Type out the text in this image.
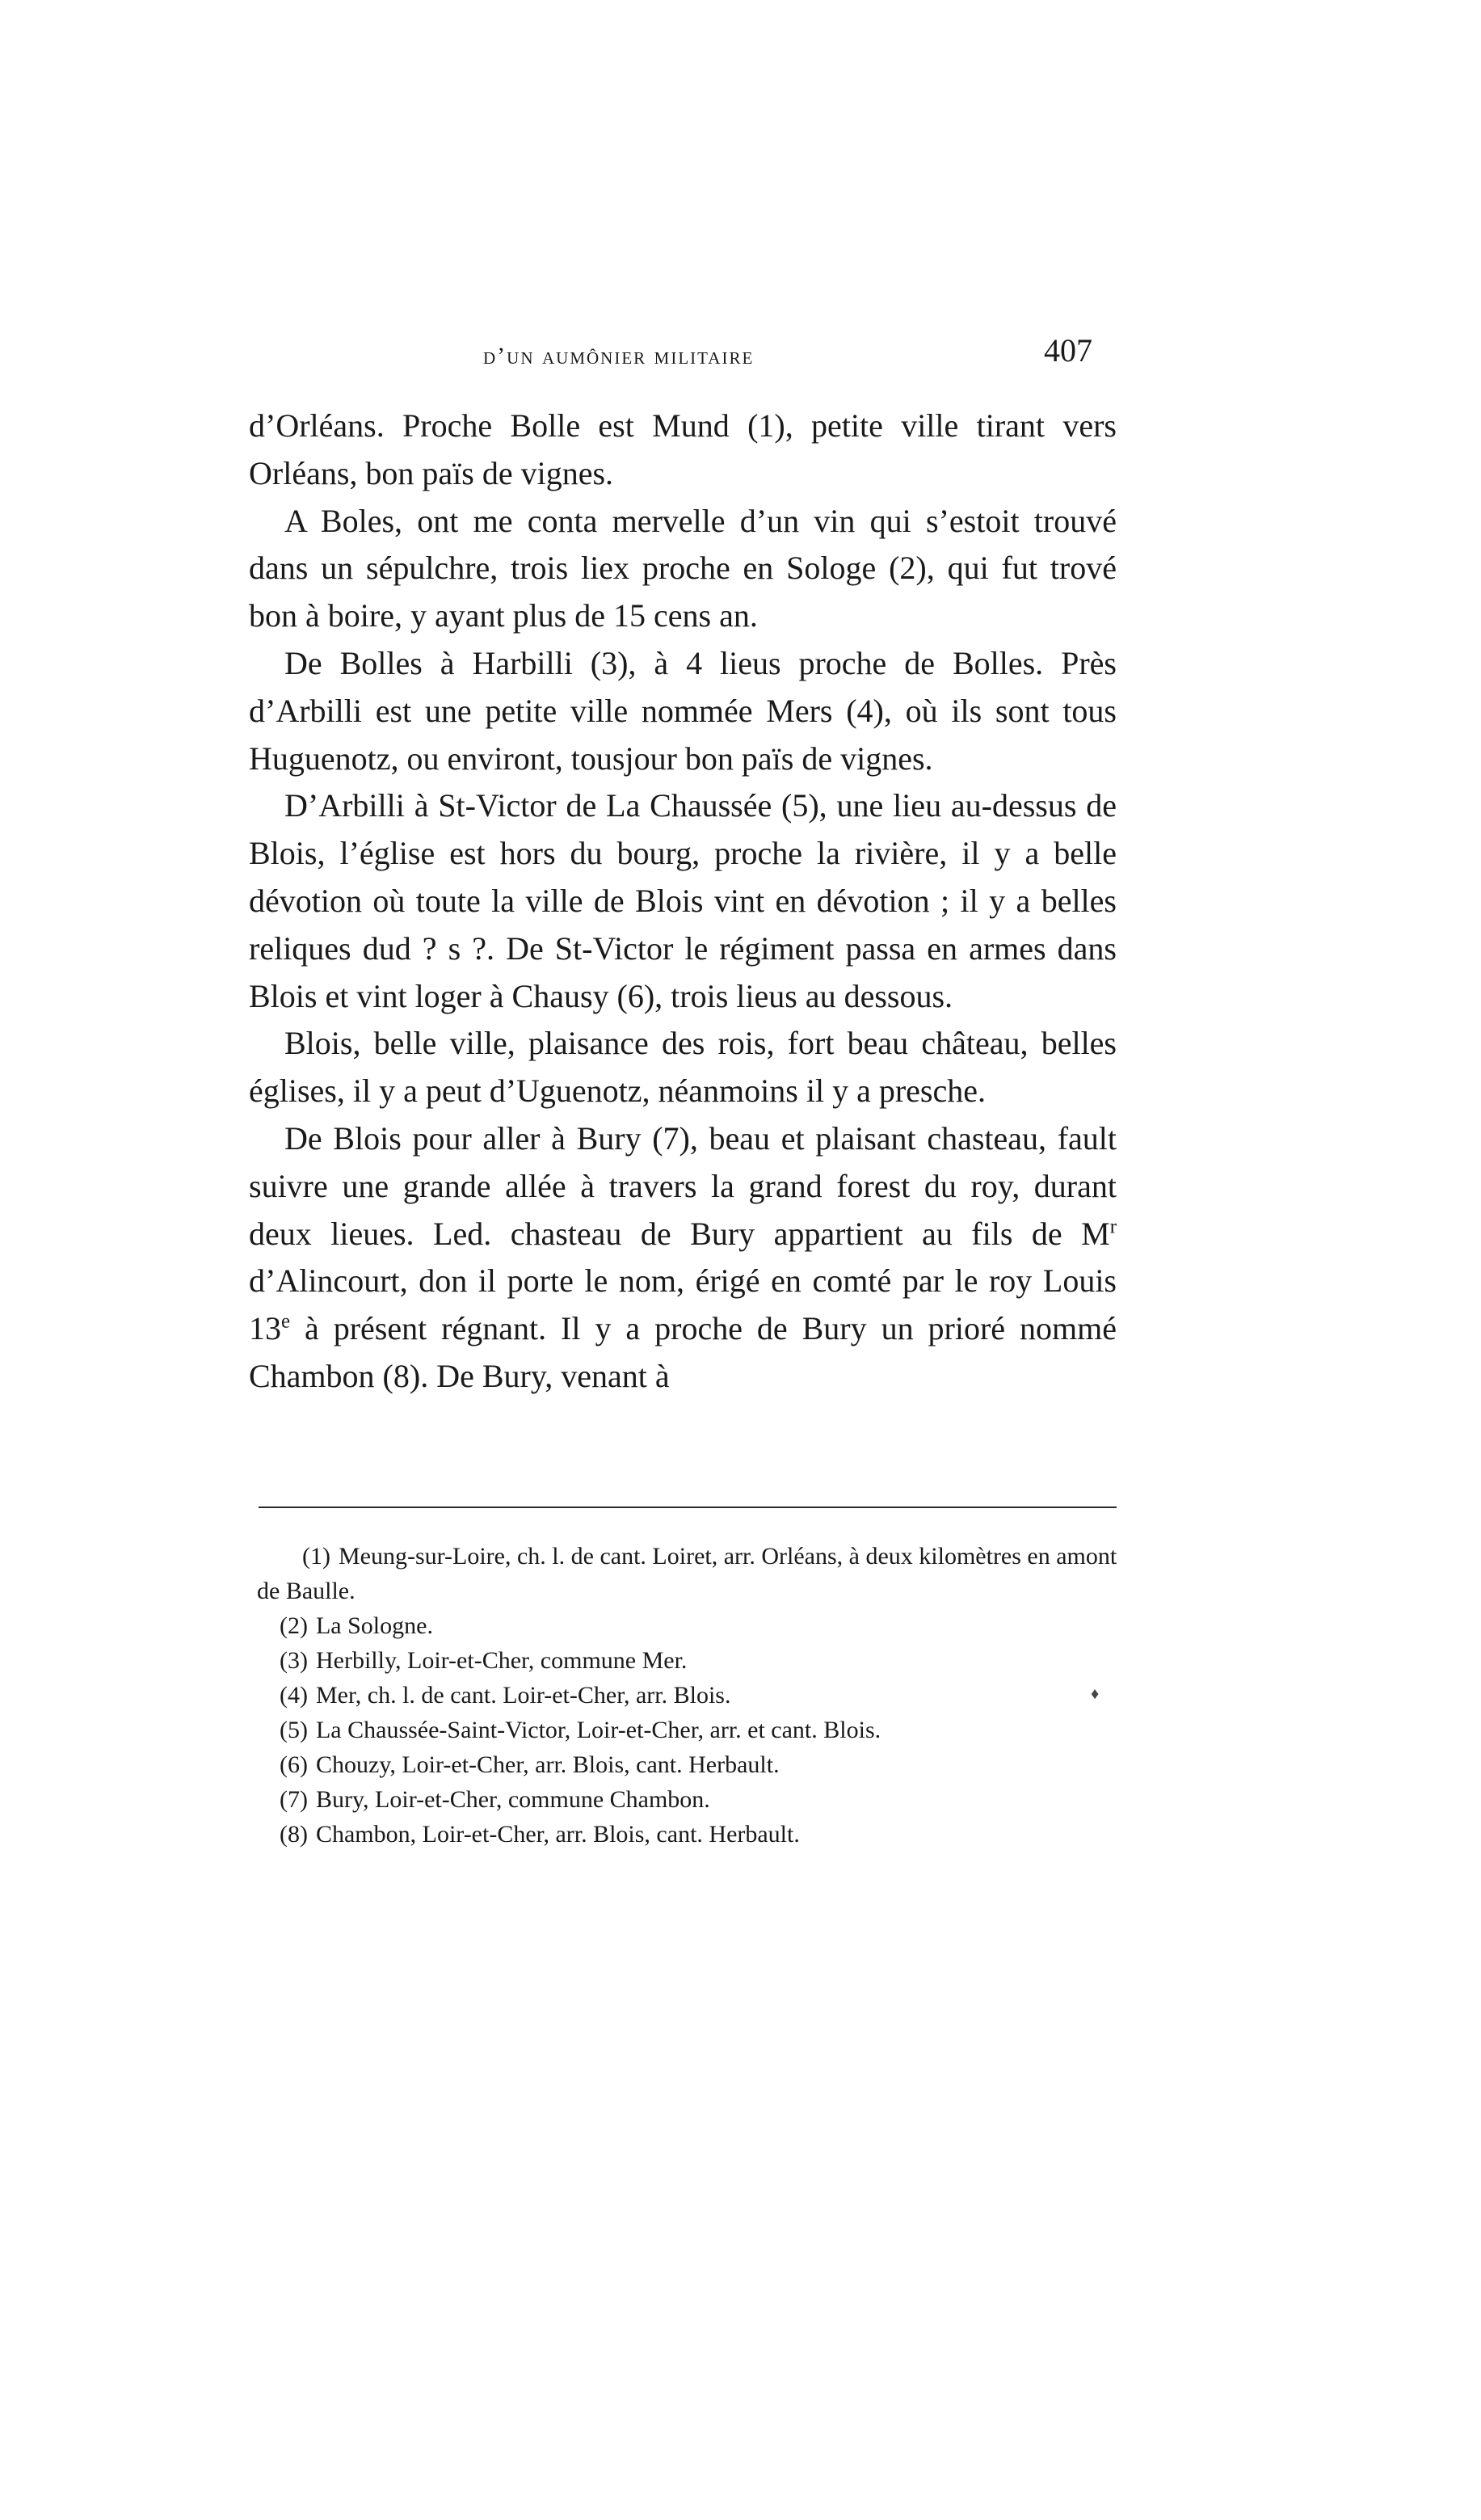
d’un aumônier militaire	407

d’Orléans. Proche Bolle est Mund (1), petite ville tirant vers Orléans, bon païs de vignes.

A Boles, ont me conta mervelle d’un vin qui s’estoit trouvé dans un sépulchre, trois liex proche en Sologe (2), qui fut trové bon à boire, y ayant plus de 15 cens an.

De Bolles à Harbilli (3), à 4 lieus proche de Bolles. Près d’Arbilli est une petite ville nommée Mers (4), où ils sont tous Huguenotz, ou environt, tousjour bon païs de vignes.

D’Arbilli à St-Victor de La Chaussée (5), une lieu au-dessus de Blois, l’église est hors du bourg, proche la rivière, il y a belle dévotion où toute la ville de Blois vint en dévotion ; il y a belles reliques dud ? s ?. De St-Victor le régiment passa en armes dans Blois et vint loger à Chausy (6), trois lieus au dessous.

Blois, belle ville, plaisance des rois, fort beau château, belles églises, il y a peut d’Uguenotz, néanmoins il y a presche.

De Blois pour aller à Bury (7), beau et plaisant chasteau, fault suivre une grande allée à travers la grand forest du roy, durant deux lieues. Led. chasteau de Bury appartient au fils de $M^r$ d’Alincourt, don il porte le nom, érigé en comté par le roy Louis 13e à présent régnant. Il y a proche de Bury un prioré nommé Chambon (8). De Bury, venant à

(1) Meung-sur-Loire, ch. l. de cant. Loiret, arr. Orléans, à deux kilomètres en amont de Baulle.

(2) La Sologne.

(3) Herbilly, Loir-et-Cher, commune Mer.

(4) Mer, ch. l. de cant. Loir-et-Cher, arr. Blois.

(5) La Chaussée-Saint-Victor, Loir-et-Cher, arr. et cant. Blois.

(6) Chouzy, Loir-et-Cher, arr. Blois, cant. Herbault.

(7) Bury, Loir-et-Cher, commune Chambon.

(8) Chambon, Loir-et-Cher, arr. Blois, cant. Herbault.

♦
